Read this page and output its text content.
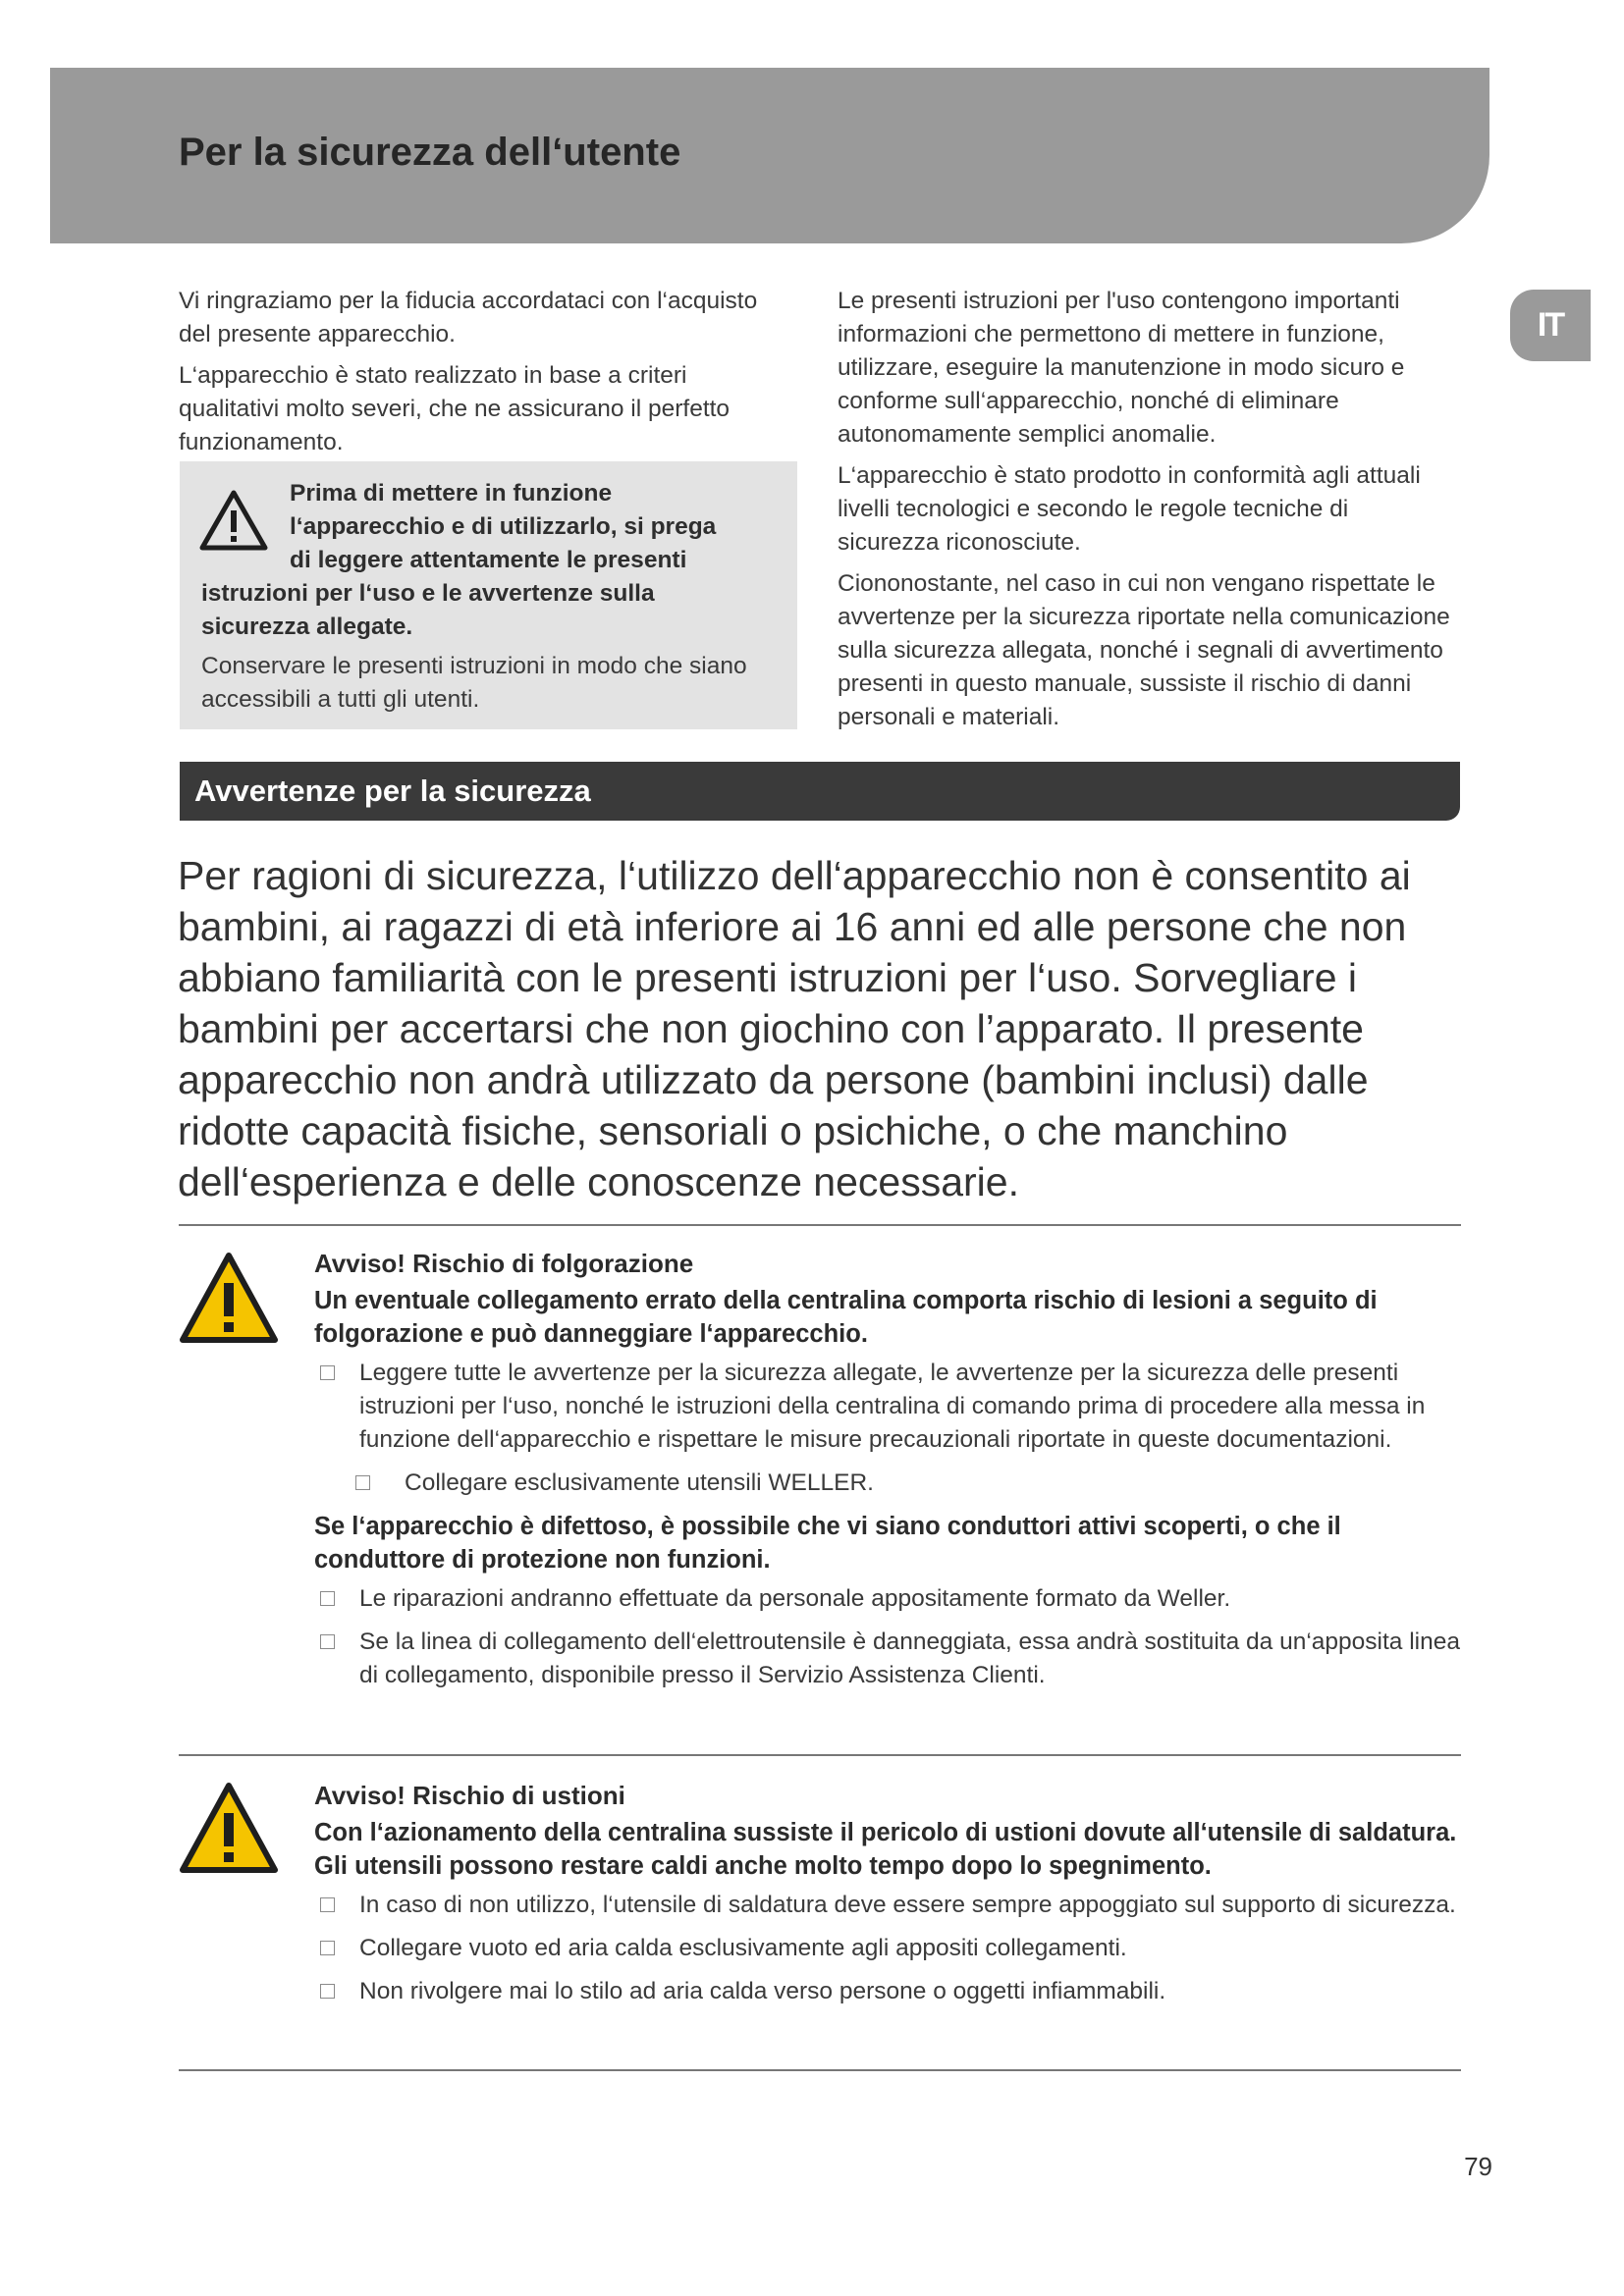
Per la sicurezza dell‘utente
IT

Vi ringraziamo per la fiducia accordataci con l‘acquisto del presente apparecchio.

L‘apparecchio è stato realizzato in base a criteri qualitativi molto severi, che ne assicurano il perfetto funzionamento.

Prima di mettere in funzione
l‘apparecchio e di utilizzarlo, si prega
di leggere attentamente le presenti
istruzioni per l‘uso e le avvertenze sulla
sicurezza allegate.
Conservare le presenti istruzioni in modo che siano accessibili a tutti gli utenti.

Le presenti istruzioni per l'uso contengono importanti informazioni che permettono di mettere in funzione, utilizzare, eseguire la manutenzione in modo sicuro e conforme sull‘apparecchio, nonché di eliminare autonomamente semplici anomalie.

L‘apparecchio è stato prodotto in conformità agli attuali livelli tecnologici e secondo le regole tecniche di sicurezza riconosciute.

Ciononostante, nel caso in cui non vengano rispettate le avvertenze per la sicurezza riportate nella comunicazione sulla sicurezza allegata, nonché i segnali di avvertimento presenti in questo manuale, sussiste il rischio di danni personali e materiali.

Avvertenze per la sicurezza

Per ragioni di sicurezza, l‘utilizzo dell‘apparecchio non è consentito ai bambini, ai ragazzi di età inferiore ai 16 anni ed alle persone che non abbiano familiarità con le presenti istruzioni per l‘uso. Sorvegliare i bambini per accertarsi che non giochino con l’apparato. Il presente apparecchio non andrà utilizzato da persone (bambini inclusi) dalle ridotte capacità fisiche, sensoriali o psichiche, o che manchino dell‘esperienza e delle conoscenze necessarie.

Avviso! Rischio di folgorazione

Un eventuale collegamento errato della centralina comporta rischio di lesioni a seguito di folgorazione e può danneggiare l‘apparecchio.

Leggere tutte le avvertenze per la sicurezza allegate, le avvertenze per la sicurezza delle presenti istruzioni per l‘uso, nonché le istruzioni della centralina di comando prima di procedere alla messa in funzione dell‘apparecchio e rispettare le misure precauzionali riportate in queste documentazioni.
Collegare esclusivamente utensili WELLER.

Se l‘apparecchio è difettoso, è possibile che vi siano conduttori attivi scoperti, o che il conduttore di protezione non funzioni.

Le riparazioni andranno effettuate da personale appositamente formato da Weller.
Se la linea di collegamento dell‘elettroutensile è danneggiata, essa andrà sostituita da un‘apposita linea di collegamento, disponibile presso il Servizio Assistenza Clienti.

Avviso! Rischio di ustioni

Con l‘azionamento della centralina sussiste il pericolo di ustioni dovute all‘utensile di saldatura. Gli utensili possono restare caldi anche molto tempo dopo lo spegnimento.

In caso di non utilizzo, l‘utensile di saldatura deve essere sempre appoggiato sul supporto di sicurezza.
Collegare vuoto ed aria calda esclusivamente agli appositi collegamenti.
Non rivolgere mai lo stilo ad aria calda verso persone o oggetti infiammabili.
79
